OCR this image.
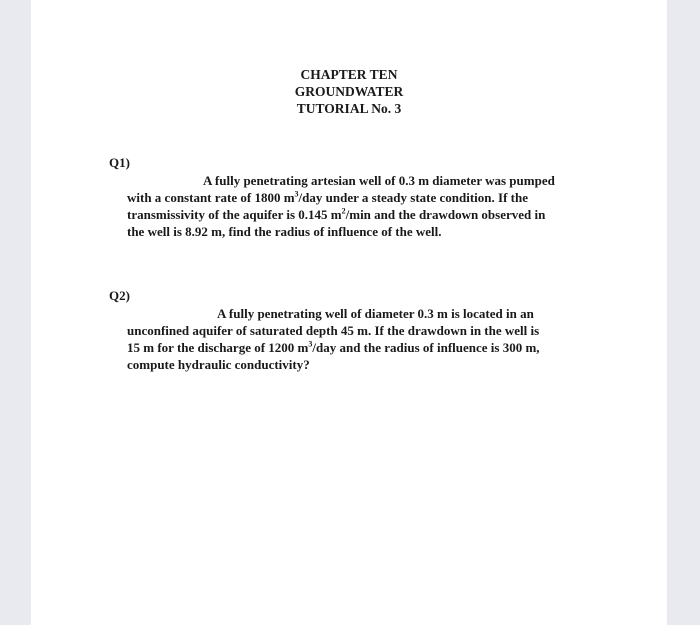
CHAPTER TEN
GROUNDWATER
TUTORIAL No. 3
Q1)

A fully penetrating artesian well of 0.3 m diameter was pumped

with a constant rate of 1800 $m^3$/day under a steady state condition. If the

transmissivity of the aquifer is 0.145 $m^2/\min$ and the drawdown observed in

the well is 8.92 m, find the radius of influence of the well.

Q2)

A fully penetrating well of diameter 0.3 m is located in an

unconfined aquifer of saturated depth 45 m. If the drawdown in the well is

15 m for the discharge of 1200 $m^3$/day and the radius of influence is 300 m,

compute hydraulic conductivity?
